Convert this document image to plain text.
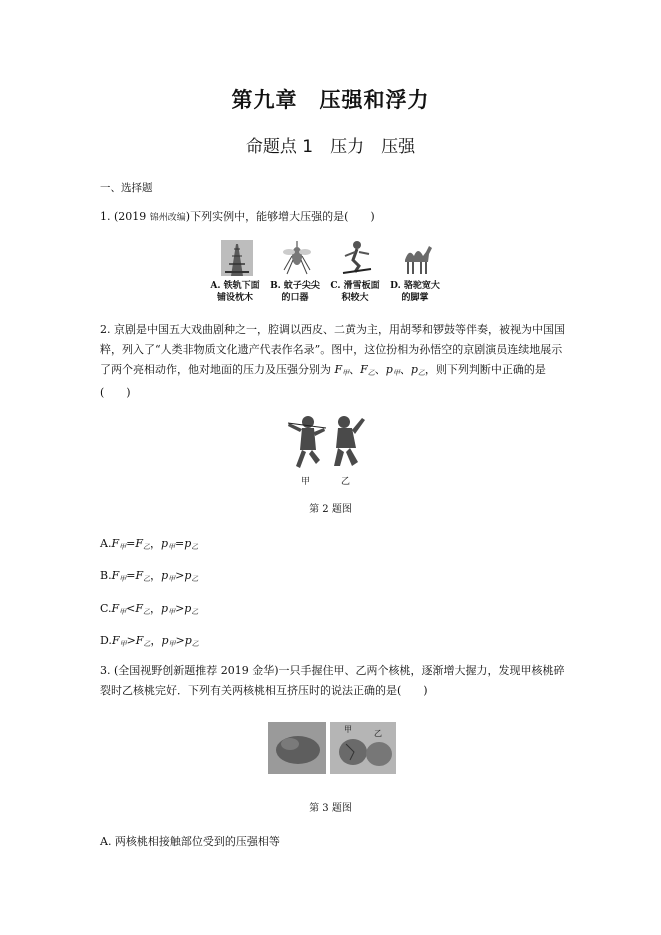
第九章　压强和浮力
命题点 1　压力　压强
一、选择题
1. (2019 锦州改编)下列实例中，能够增大压强的是(　　)
A. 铁轨下面
铺设枕木
B. 蚊子尖尖
的口器
C. 滑雪板面
积较大
D. 骆驼宽大
的脚掌
2. 京剧是中国五大戏曲剧种之一，腔调以西皮、二黄为主，用胡琴和锣鼓等伴奏，被视为中国国粹，列入了“人类非物质文化遗产代表作名录”。图中，这位扮相为孙悟空的京剧演员连续地展示了两个亮相动作，他对地面的压力及压强分别为 $F_甲$、$F_乙$、$p_甲$、$p_乙$，则下列判断中正确的是(　　)
甲	乙
第 2 题图
$A.F_甲=F_乙$，$p_甲=p_乙$
$B.F_甲=F_乙$，$p_甲>p_乙$
$C.F_甲<F_乙$，$p_甲>p_乙$
$D.F_甲>F_乙$，$p_甲>p_乙$
3. (全国视野创新题推荐 2019 金华)一只手握住甲、乙两个核桃，逐渐增大握力，发现甲核桃碎裂时乙核桃完好．下列有关两核桃相互挤压时的说法正确的是(　　)
甲	乙
第 3 题图
A. 两核桃相接触部位受到的压强相等
